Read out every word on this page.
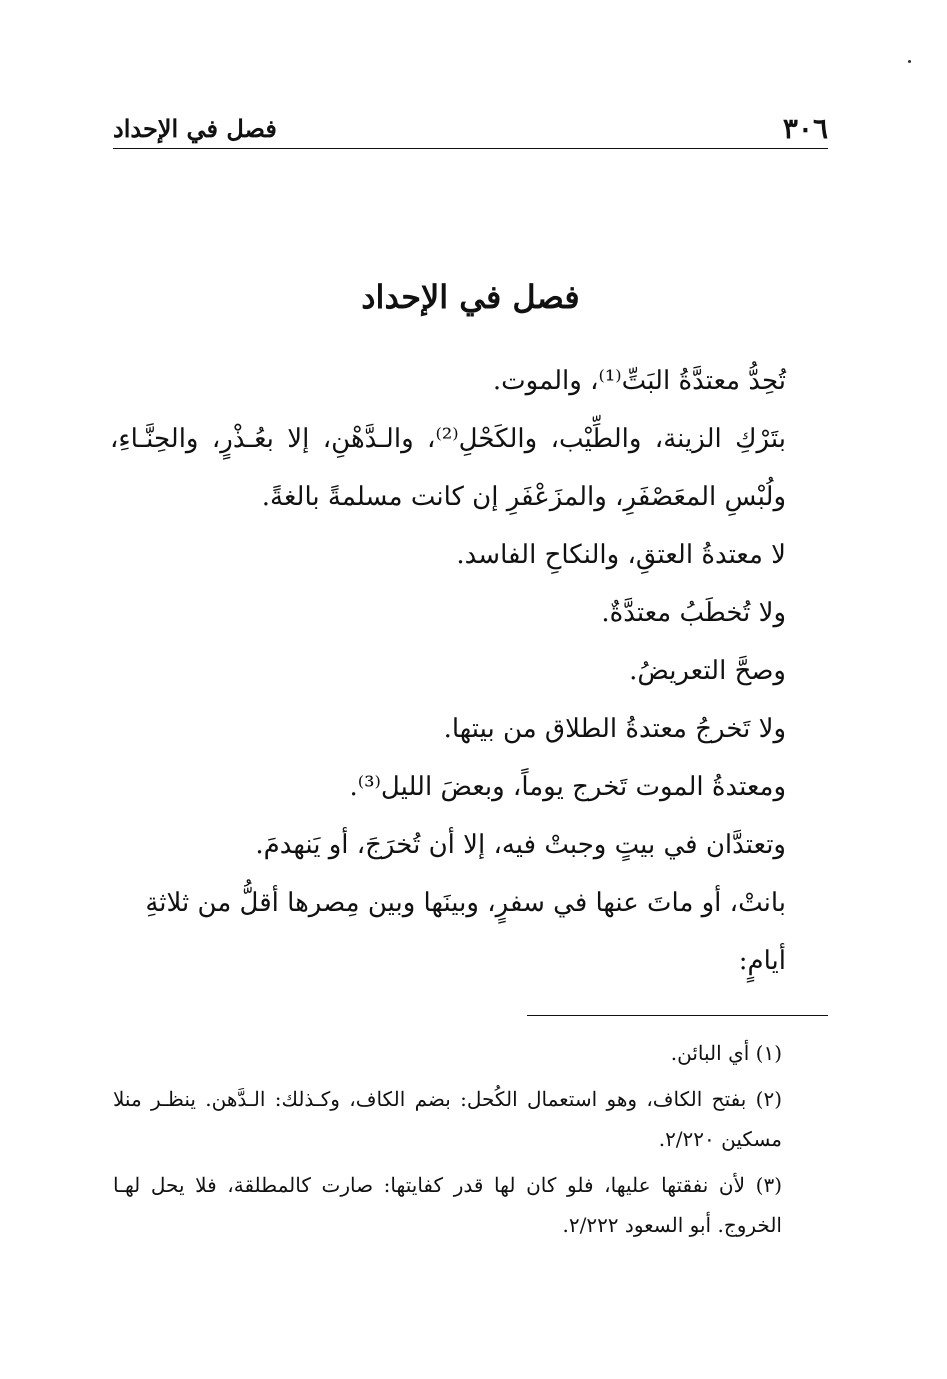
٣٠٦
فصل في الإحداد
فصل في الإحداد

تُحِدُّ معتدَّةُ البَتِّ⁽¹⁾، والموت.

بتَرْكِ الزينة، والطِّيْب، والكَحْلِ⁽²⁾، والـدَّهْنِ، إلا بعُـذْرٍ، والحِنَّـاءِ، ولُبْسِ المعَصْفَرِ، والمزَعْفَرِ إن كانت مسلمةً بالغةً.

لا معتدةُ العتقِ، والنكاحِ الفاسد.

ولا تُخطَبُ معتدَّةٌ.

وصحَّ التعريضُ.

ولا تَخرجُ معتدةُ الطلاق من بيتها.

ومعتدةُ الموت تَخرج يوماً، وبعضَ الليل⁽³⁾.

وتعتدَّان في بيتٍ وجبتْ فيه، إلا أن تُخرَجَ، أو يَنهدمَ.

بانتْ، أو ماتَ عنها في سفرٍ، وبينَها وبين مِصرها أقلُّ من ثلاثةِ أيامٍ:

(١) أي البائن.

(٢) بفتح الكاف، وهو استعمال الكُحل: بضم الكاف، وكـذلك: الـدَّهن. ينظـر منلا مسكين ٢/٢٢٠.

(٣) لأن نفقتها عليها، فلو كان لها قدر كفايتها: صارت كالمطلقة، فلا يحل لهـا الخروج. أبو السعود ٢/٢٢٢.
